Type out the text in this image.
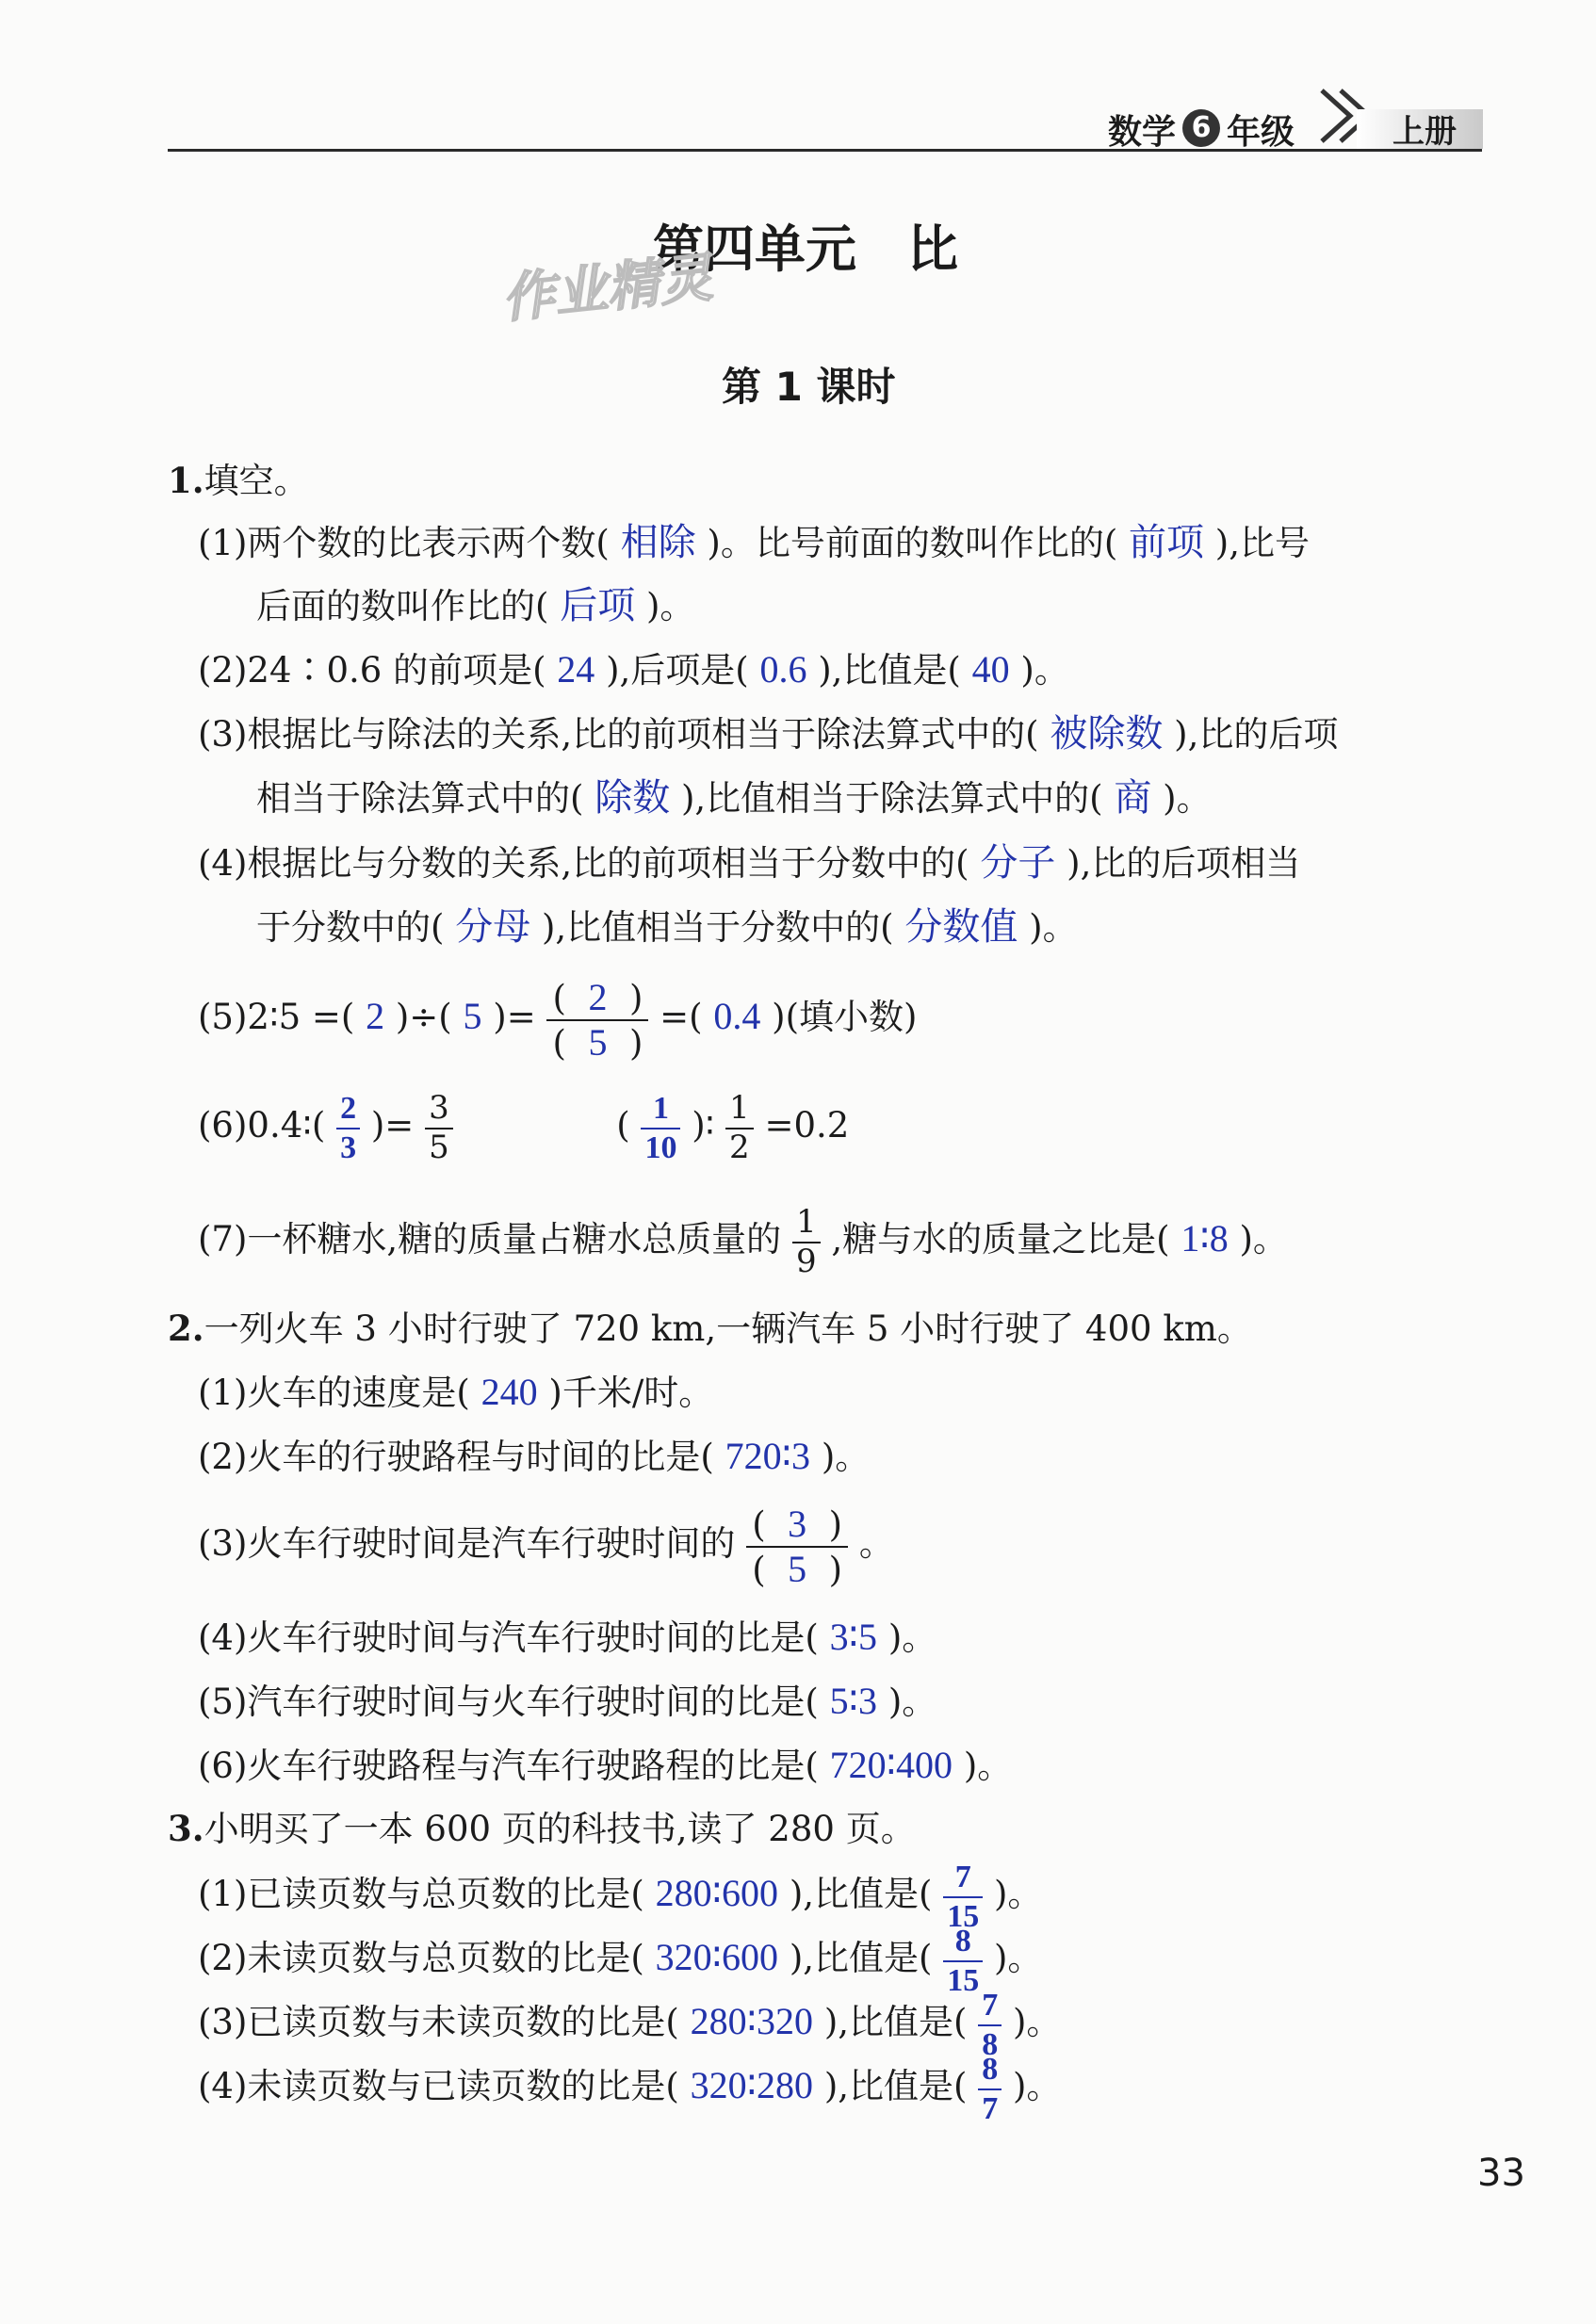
数学 6 年级	上册
第四单元　比
作业精灵
第 1 课时
1.填空。
(1)两个数的比表示两个数( 相除 )。比号前面的数叫作比的( 前项 ),比号
后面的数叫作比的( 后项 )。
(2)24∶0.6 的前项是( 24 ),后项是( 0.6 ),比值是( 40 )。
(3)根据比与除法的关系,比的前项相当于除法算式中的( 被除数 ),比的后项
相当于除法算式中的( 除数 ),比值相当于除法算式中的( 商 )。
(4)根据比与分数的关系,比的前项相当于分数中的( 分子 ),比的后项相当
于分数中的( 分母 ),比值相当于分数中的( 分数值 )。
(5)2∶5 =( 2 )÷( 5 )= $\frac{( 2 )}{( 5 )}$ =( 0.4 )(填小数)
(6)0.4∶( $\frac{2}{3}$ )= $\frac{3}{5}$	( $\frac{1}{10}$ )∶ $\frac{1}{2} =0.2$
(7)一杯糖水,糖的质量占糖水总质量的 $\frac{1}{9}$ ,糖与水的质量之比是( 1∶8 )。
2.一列火车 3 小时行驶了 720 km,一辆汽车 5 小时行驶了 400 km。
(1)火车的速度是( 240 )千米/时。
(2)火车的行驶路程与时间的比是( 720∶3 )。
(3)火车行驶时间是汽车行驶时间的 $\frac{( 3 )}{( 5 )}$ 。
(4)火车行驶时间与汽车行驶时间的比是( 3∶5 )。
(5)汽车行驶时间与火车行驶时间的比是( 5∶3 )。
(6)火车行驶路程与汽车行驶路程的比是( 720∶400 )。
3.小明买了一本 600 页的科技书,读了 280 页。
(1)已读页数与总页数的比是( 280∶600 ),比值是( $\frac{7}{15}$ )。
(2)未读页数与总页数的比是( 320∶600 ),比值是( $\frac{8}{15}$ )。
(3)已读页数与未读页数的比是( 280∶320 ),比值是( $\frac{7}{8}$ )。
(4)未读页数与已读页数的比是( 320∶280 ),比值是( $\frac{8}{7}$ )。
33
